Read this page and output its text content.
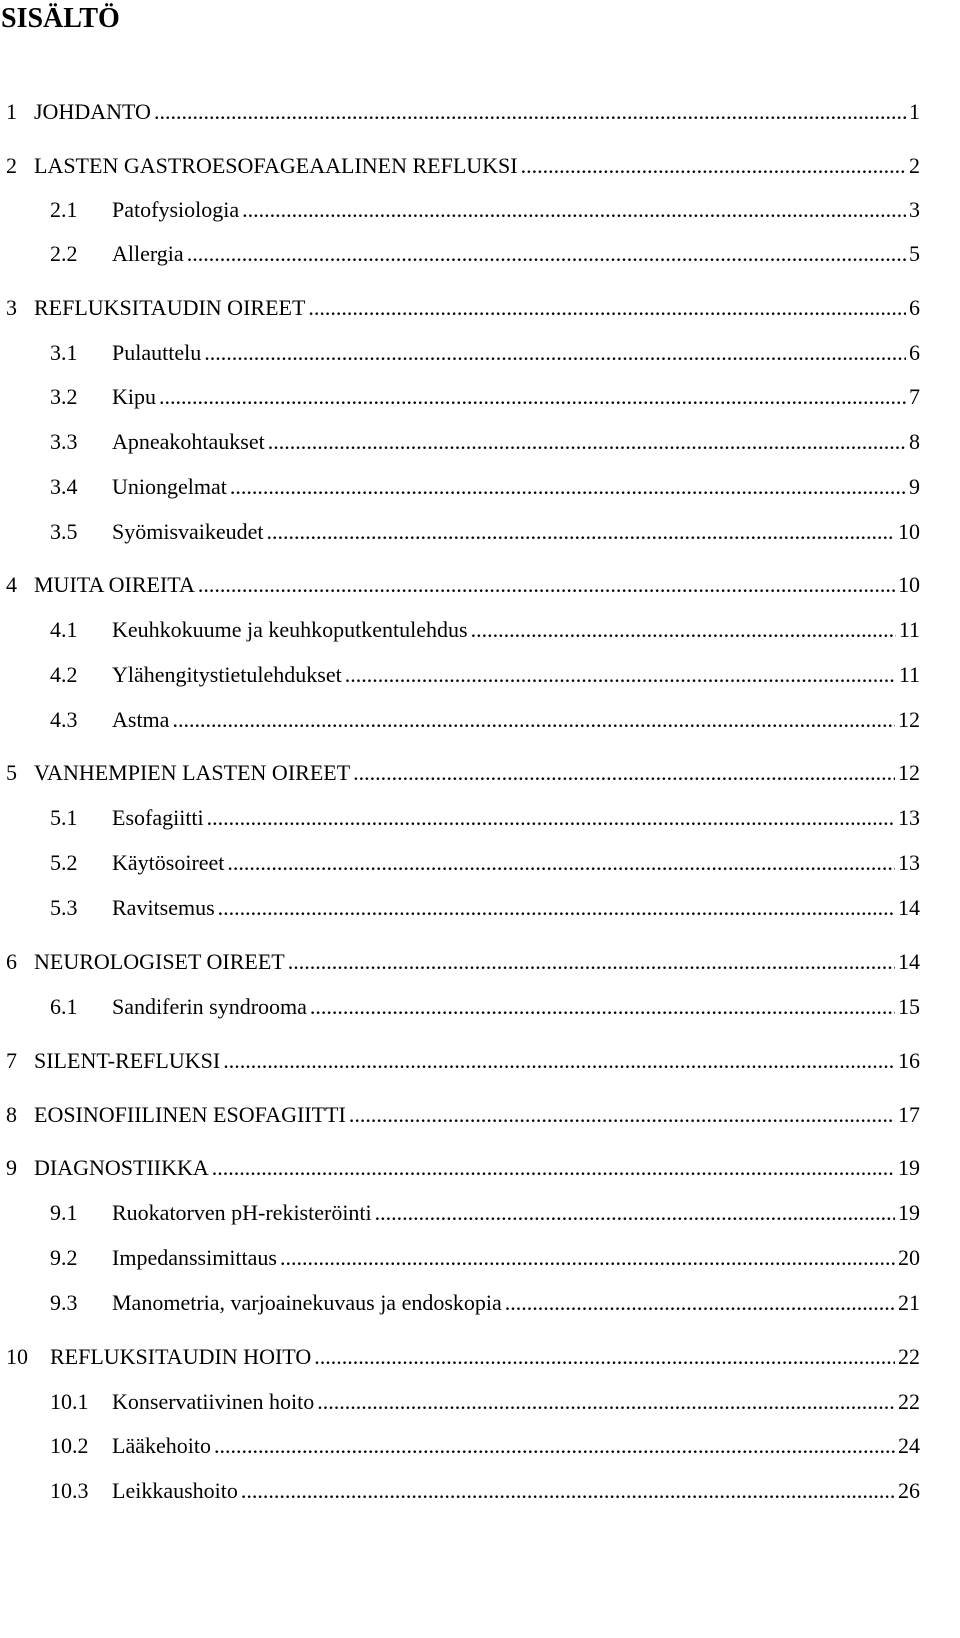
SISÄLTÖ
1 JOHDANTO .....	1
2 LASTEN GASTROESOFAGEAALINEN REFLUKSI .....	2
2.1	Patofysiologia .....	3
2.2	Allergia .....	5
3 REFLUKSITAUDIN OIREET .....	6
3.1	Pulauttelu .....	6
3.2	Kipu .....	7
3.3	Apneakohtaukset .....	8
3.4	Uniongelmat .....	9
3.5	Syömisvaikeudet .....	10
4 MUITA OIREITA .....	10
4.1	Keuhkokuume ja keuhkoputkentulehdus .....	11
4.2	Ylähengitystietulehdukset .....	11
4.3	Astma .....	12
5 VANHEMPIEN LASTEN OIREET .....	12
5.1	Esofagiitti .....	13
5.2	Käytösoireet .....	13
5.3	Ravitsemus .....	14
6 NEUROLOGISET OIREET .....	14
6.1	Sandiferin syndrooma .....	15
7 SILENT-REFLUKSI .....	16
8 EOSINOFIILINEN ESOFAGIITTI .....	17
9 DIAGNOSTIIKKA .....	19
9.1	Ruokatorven pH-rekisteröinti .....	19
9.2	Impedanssimittaus .....	20
9.3	Manometria, varjoainekuvaus ja endoskopia .....	21
10	REFLUKSITAUDIN HOITO .....	22
10.1	Konservatiivinen hoito .....	22
10.2	Lääkehoito .....	24
10.3	Leikkaushoito .....	26
